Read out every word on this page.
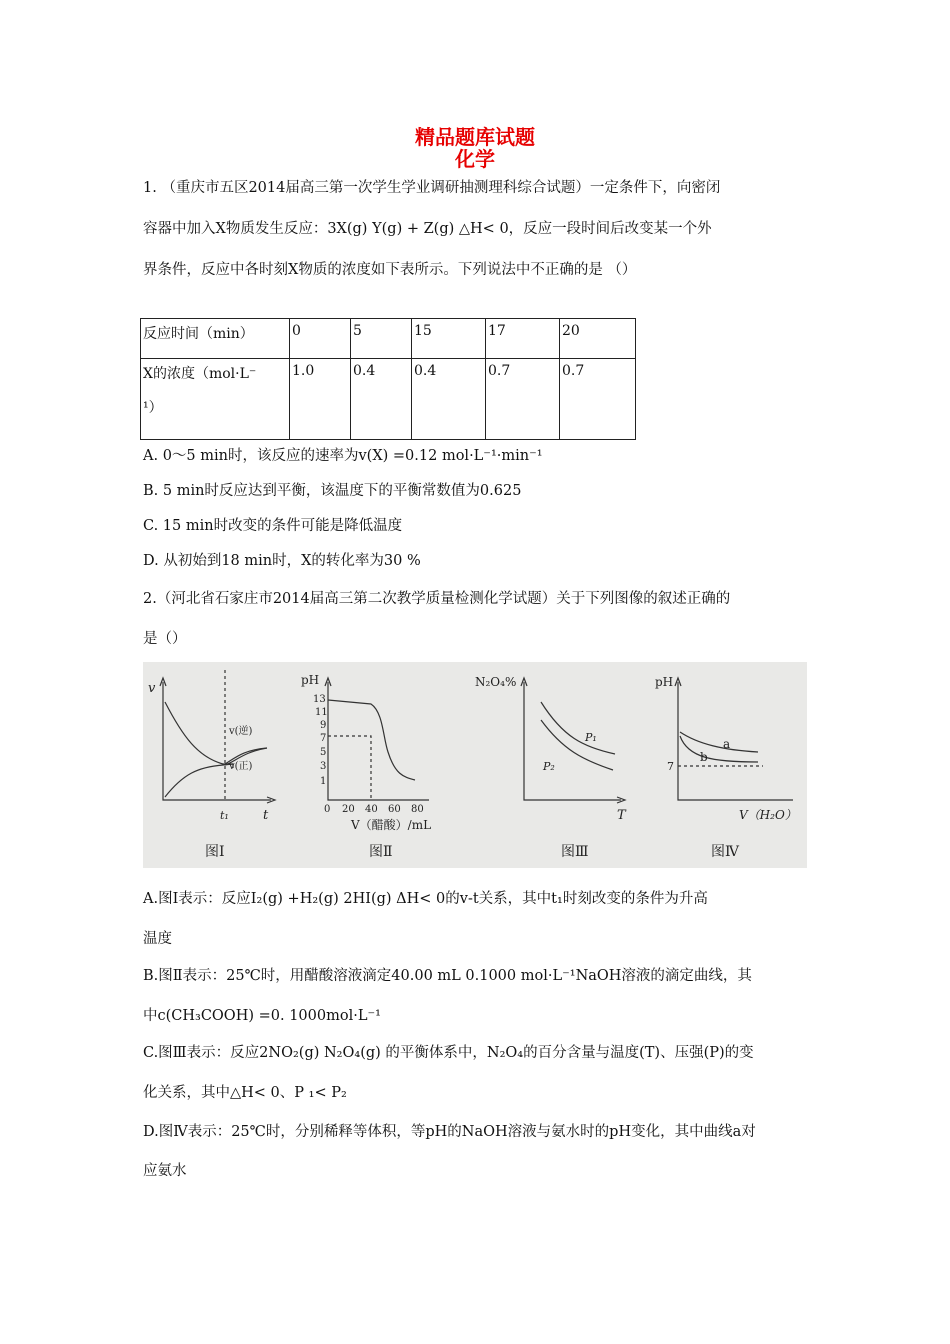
精品题库试题
化学
1. （重庆市五区2014届高三第一次学生学业调研抽测理科综合试题）一定条件下，向密闭
容器中加入X物质发生反应：3X(g) Y(g) + Z(g) △H< 0，反应一段时间后改变某一个外
界条件，反应中各时刻X物质的浓度如下表所示。下列说法中不正确的是 （）
反应时间（min）	0	5	15	17	20

X的浓度（mol·L⁻
¹）	1.0	0.4	0.4	0.7	0.7
A. 0～5 min时，该反应的速率为v(X) =0.12 mol·L⁻¹·min⁻¹
B. 5 min时反应达到平衡，该温度下的平衡常数值为0.625
C. 15 min时改变的条件可能是降低温度
D. 从初始到18 min时，X的转化率为30 %
2.（河北省石家庄市2014届高三第二次教学质量检测化学试题）关于下列图像的叙述正确的
是（）
v
t
t₁
v(逆)
v(正)
图Ⅰ
pH
13
11
9
7
5
3
1
0 20 40 60 80
V（醋酸）/mL
图Ⅱ
N₂O₄%
T
P₁
P₂
图Ⅲ
pH
7
a
b
V（H₂O）
图Ⅳ
A.图Ⅰ表示：反应I₂(g) +H₂(g) 2HI(g) ΔH< 0的v-t关系，其中t₁时刻改变的条件为升高
温度
B.图Ⅱ表示：25℃时，用醋酸溶液滴定40.00 mL 0.1000 mol·L⁻¹NaOH溶液的滴定曲线，其
中c(CH₃COOH) =0. 1000mol·L⁻¹
C.图Ⅲ表示：反应2NO₂(g) N₂O₄(g) 的平衡体系中，N₂O₄的百分含量与温度(T)、压强(P)的变
化关系，其中△H< 0、P ₁< P₂
D.图Ⅳ表示：25℃时，分别稀释等体积，等pH的NaOH溶液与氨水时的pH变化，其中曲线a对
应氨水
